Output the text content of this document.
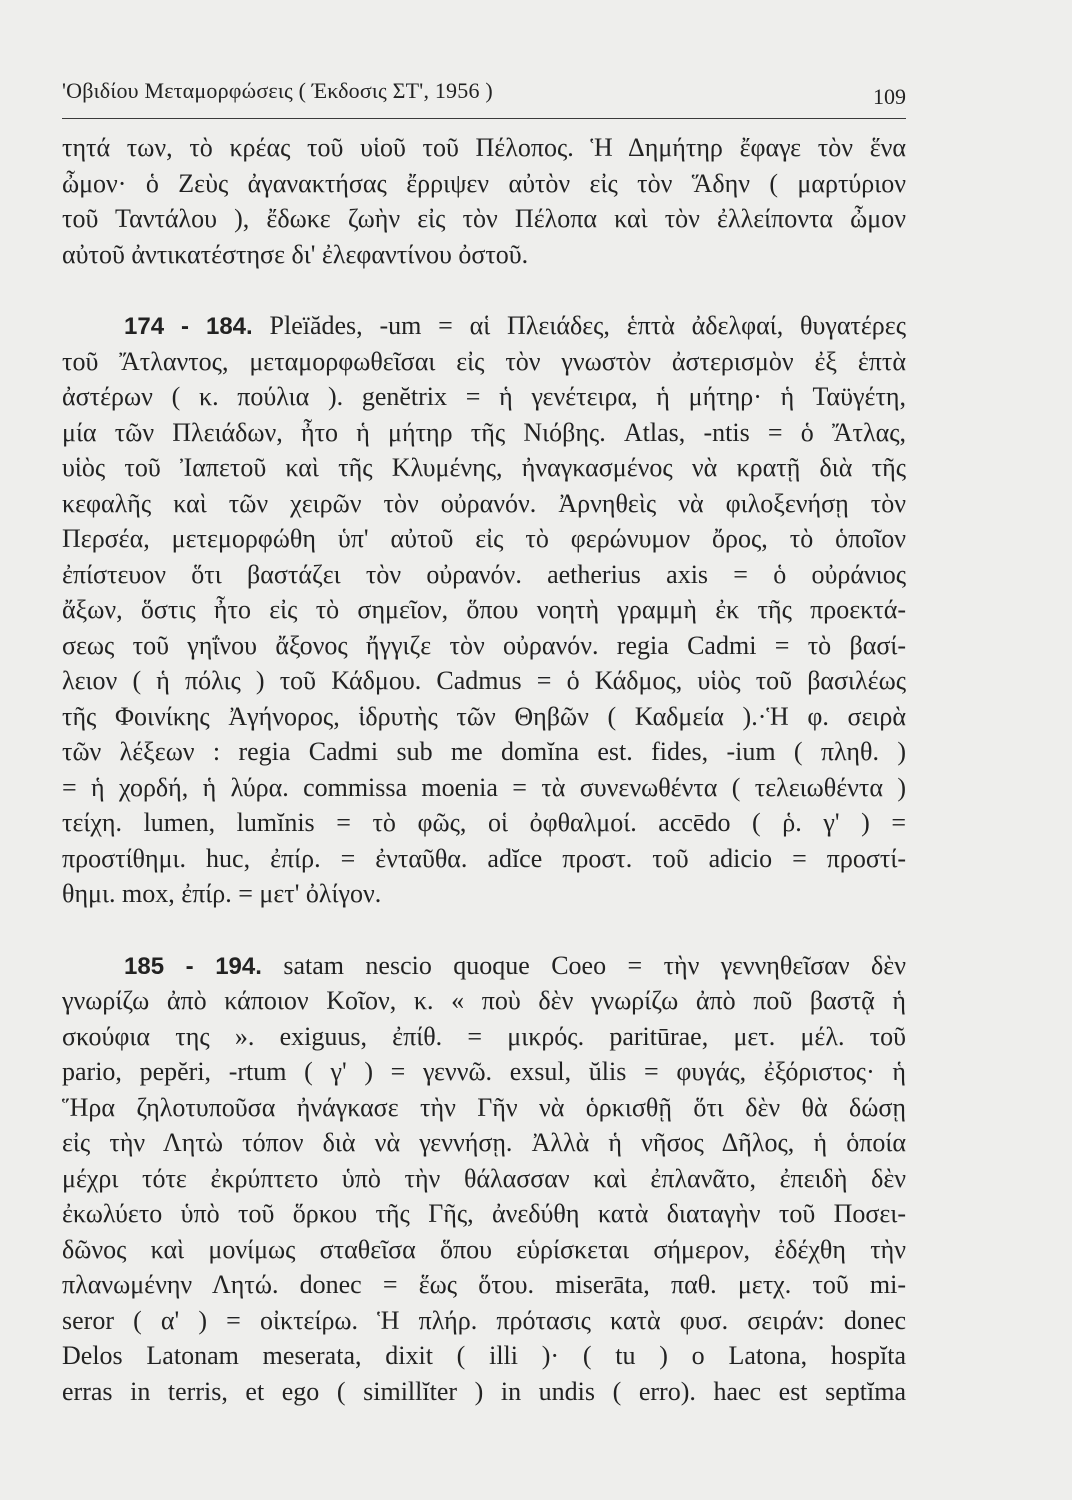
'Οβιδίου Μεταμορφώσεις ( Έκδοσις ΣΤ', 1956 )	109
τητά των, τὸ κρέας τοῦ υἱοῦ τοῦ Πέλοπος. Ἡ Δημήτηρ ἔφαγε τὸν ἕνα
ὦμον· ὁ Ζεὺς ἀγανακτήσας ἔρριψεν αὐτὸν εἰς τὸν Ἅδην ( μαρτύριον
τοῦ Ταντάλου ), ἔδωκε ζωὴν εἰς τὸν Πέλοπα καὶ τὸν ἐλλείποντα ὦμον
αὐτοῦ ἀντικατέστησε δι' ἐλεφαντίνου ὀστοῦ.
174 - 184. Pleïădes, -um = αἱ Πλειάδες, ἑπτὰ ἀδελφαί, θυγατέρες
τοῦ Ἄτλαντος, μεταμορφωθεῖσαι εἰς τὸν γνωστὸν ἀστερισμὸν ἐξ ἑπτὰ
ἀστέρων ( κ. πούλια ). genĕtrix = ἡ γενέτειρα, ἡ μήτηρ· ἡ Ταϋγέτη,
μία τῶν Πλειάδων, ἦτο ἡ μήτηρ τῆς Νιόβης. Atlas, -ntis = ὁ Ἄτλας,
υἱὸς τοῦ Ἰαπετοῦ καὶ τῆς Κλυμένης, ἠναγκασμένος νὰ κρατῇ διὰ τῆς
κεφαλῆς καὶ τῶν χειρῶν τὸν οὐρανόν. Ἀρνηθεὶς νὰ φιλοξενήσῃ τὸν
Περσέα, μετεμορφώθη ὑπ' αὐτοῦ εἰς τὸ φερώνυμον ὄρος, τὸ ὁποῖον
ἐπίστευον ὅτι βαστάζει τὸν οὐρανόν. aetherius axis = ὁ οὐράνιος
ἄξων, ὅστις ἦτο εἰς τὸ σημεῖον, ὅπου νοητὴ γραμμὴ ἐκ τῆς προεκτά-
σεως τοῦ γηΐνου ἄξονος ἤγγιζε τὸν οὐρανόν. regia Cadmi = τὸ βασί-
λειον ( ἡ πόλις ) τοῦ Κάδμου. Cadmus = ὁ Κάδμος, υἱὸς τοῦ βασιλέως
τῆς Φοινίκης Ἀγήνορος, ἱδρυτὴς τῶν Θηβῶν ( Καδμεία ).·Ἡ φ. σειρὰ
τῶν λέξεων : regia Cadmi sub me domĭna est. fides, -ium ( πληθ. )
= ἡ χορδή, ἡ λύρα. commissa moenia = τὰ συνενωθέντα ( τελειωθέντα )
τείχη. lumen, lumĭnis = τὸ φῶς, οἱ ὀφθαλμοί. accēdo ( ῥ. γ' ) =
προστίθημι. huc, ἐπίρ. = ἐνταῦθα. adĭce προστ. τοῦ adicio = προστί-
θημι. mox, ἐπίρ. = μετ' ὀλίγον.
185 - 194. satam nescio quoque Coeo = τὴν γεννηθεῖσαν δὲν
γνωρίζω ἀπὸ κάποιον Κοῖον, κ. « ποὺ δὲν γνωρίζω ἀπὸ ποῦ βαστᾷ ἡ
σκούφια της ». exiguus, ἐπίθ. = μικρός. paritūrae, μετ. μέλ. τοῦ
pario, pepĕri, -rtum ( γ' ) = γεννῶ. exsul, ŭlis = φυγάς, ἐξόριστος· ἡ
Ἥρα ζηλοτυποῦσα ἠνάγκασε τὴν Γῆν νὰ ὁρκισθῇ ὅτι δὲν θὰ δώσῃ
εἰς τὴν Λητὼ τόπον διὰ νὰ γεννήσῃ. Ἀλλὰ ἡ νῆσος Δῆλος, ἡ ὁποία
μέχρι τότε ἐκρύπτετο ὑπὸ τὴν θάλασσαν καὶ ἐπλανᾶτο, ἐπειδὴ δὲν
ἐκωλύετο ὑπὸ τοῦ ὅρκου τῆς Γῆς, ἀνεδύθη κατὰ διαταγὴν τοῦ Ποσει-
δῶνος καὶ μονίμως σταθεῖσα ὅπου εὑρίσκεται σήμερον, ἐδέχθη τὴν
πλανωμένην Λητώ. donec = ἕως ὅτου. miserāta, παθ. μετχ. τοῦ mi-
seror ( α' ) = οἰκτείρω. Ἡ πλήρ. πρότασις κατὰ φυσ. σειράν: donec
Delos Latonam meserata, dixit ( illi )· ( tu ) o Latona, hospĭta
erras in terris, et ego ( simillĭter ) in undis ( erro). haec est septĭma
